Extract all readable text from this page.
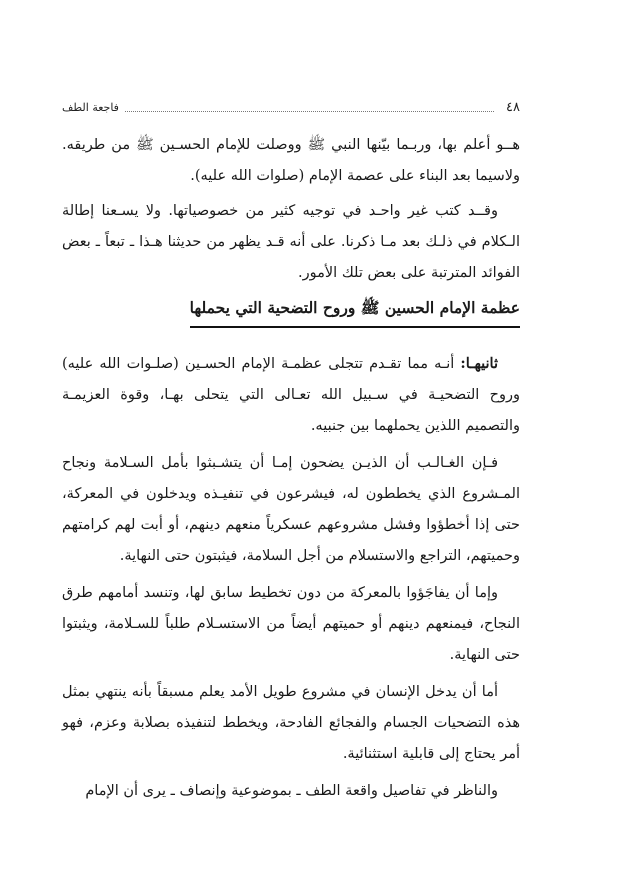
٤٨
فاجعة الطف

هــو أعلم بها، وربـما بيّنها النبي ﷺ ووصلت للإمام الحسـين ﷺ من طريقه. ولاسيما بعد البناء على عصمة الإمام (صلوات الله عليه).

وقــد كتب غير واحـد في توجيه كثير من خصوصياتها. ولا يسـعنا إطالة الـكلام في ذلـك بعد مـا ذكرنا. على أنه قـد يظهر من حديثنا هـذا ـ تبعاً ـ بعض الفوائد المترتبة على بعض تلك الأمور.

عظمة الإمام الحسين ﷺ وروح التضحية التي يحملها

ثانيهـا: أنـه مما تقـدم تتجلى عظمـة الإمام الحسـين (صلـوات الله عليه) وروح التضحيـة في سـبيل الله تعـالى التي يتحلى بهـا، وقوة العزيمـة والتصميم اللذين يحملهما بين جنبيه.

فـإن الغـالـب أن الذيـن يضحون إمـا أن يتشـبثوا بأمل السـلامة ونجاح المـشروع الذي يخططون له، فيشرعون في تنفيـذه ويدخلون في المعركة، حتى إذا أخطؤوا وفشل مشروعهم عسكرياً منعهم دينهم، أو أبت لهم كرامتهم وحميتهم، التراجع والاستسلام من أجل السلامة، فيثبتون حتى النهاية.

وإما أن يفاجَؤوا بالمعركة من دون تخطيط سابق لها، وتنسد أمامهم طرق النجاح، فيمنعهم دينهم أو حميتهم أيضاً من الاستسـلام طلباً للسـلامة، ويثبتوا حتى النهاية.

أما أن يدخل الإنسان في مشروع طويل الأمد يعلم مسبقاً بأنه ينتهي بمثل هذه التضحيات الجسام والفجائع الفادحة، ويخطط لتنفيذه بصلابة وعزم، فهو أمر يحتاج إلى قابلية استثنائية.

والناظر في تفاصيل واقعة الطف ـ بموضوعية وإنصاف ـ يرى أن الإمام
